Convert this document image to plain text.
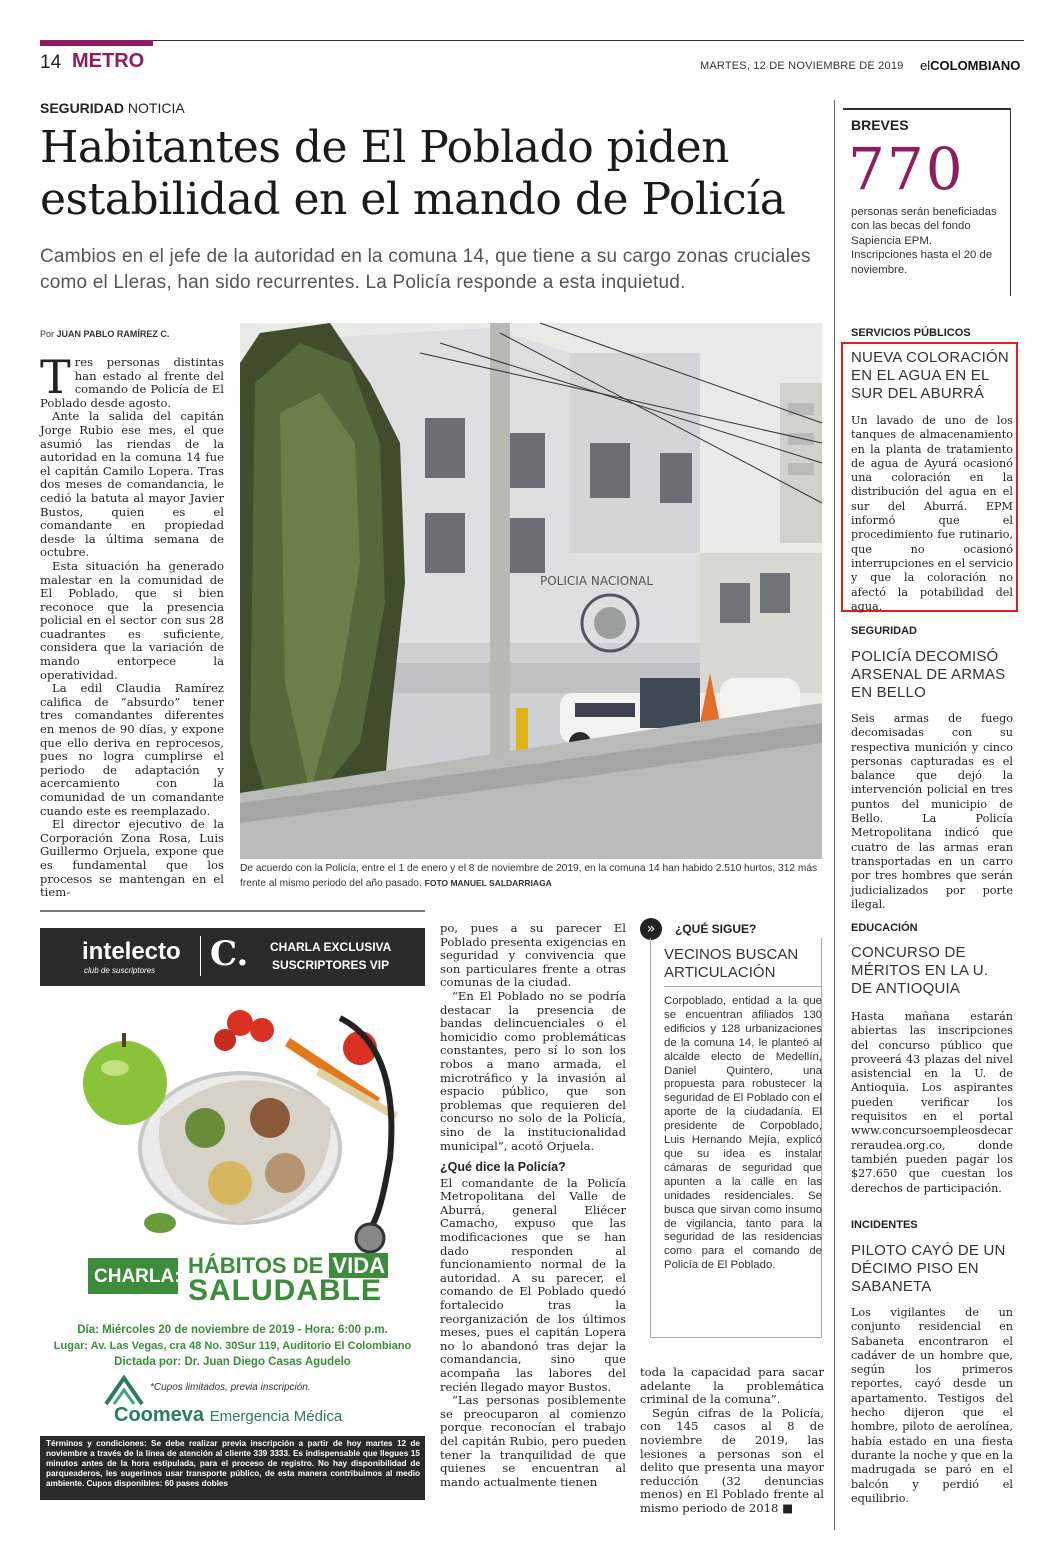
14 METRO	MARTES, 12 DE NOVIEMBRE DE 2019 elCOLOMBIANO
SEGURIDAD NOTICIA
Habitantes de El Poblado piden estabilidad en el mando de Policía
Cambios en el jefe de la autoridad en la comuna 14, que tiene a su cargo zonas cruciales como el Lleras, han sido recurrentes. La Policía responde a esta inquietud.
Por JUAN PABLO RAMÍREZ C.

Tres personas distintas han estado al frente del comando de Policía de El Poblado desde agosto.

Ante la salida del capitán Jorge Rubio ese mes, el que asumió las riendas de la autoridad en la comuna 14 fue el capitán Camilo Lopera. Tras dos meses de comandancia, le cedió la batuta al mayor Javier Bustos, quien es el comandante en propiedad desde la última semana de octubre.

Esta situación ha generado malestar en la comunidad de El Poblado, que si bien reconoce que la presencia policial en el sector con sus 28 cuadrantes es suficiente, considera que la variación de mando entorpece la operatividad.

La edil Claudia Ramírez califica de “absurdo” tener tres comandantes diferentes en menos de 90 días, y expone que ello deriva en reprocesos, pues no logra cumplirse el periodo de adaptación y acercamiento con la comunidad de un comandante cuando este es reemplazado.

El director ejecutivo de la Corporación Zona Rosa, Luis Guillermo Orjuela, expone que es fundamental que los procesos se mantengan en el tiem-

POLICIA NACIONAL
De acuerdo con la Policía, entre el 1 de enero y el 8 de noviembre de 2019, en la comuna 14 han habido 2.510 hurtos, 312 más frente al mismo periodo del año pasado. FOTO MANUEL SALDARRIAGA
intelecto
club de suscriptores C. CHARLA EXCLUSIVA
SUSCRIPTORES VIP
CHARLA: HÁBITOS DE VIDA
SALUDABLE
Día: Miércoles 20 de noviembre de 2019 - Hora: 6:00 p.m.
Lugar: Av. Las Vegas, cra 48 No. 30Sur 119, Auditorio El Colombiano
Dictada por: Dr. Juan Diego Casas Agudelo
*Cupos limitados, previa inscripción.
Coomeva Emergencia Médica
Términos y condiciones: Se debe realizar previa inscripción a partir de hoy martes 12 de noviembre a través de la línea de atención al cliente 339 3333. Es indispensable que llegues 15 minutos antes de la hora estipulada, para el proceso de registro. No hay disponibilidad de parqueaderos, les sugerimos usar transporte público, de esta manera contribuimos al medio ambiente. Cupos disponibles: 60 pases dobles

po, pues a su parecer El Poblado presenta exigencias en seguridad y convivencia que son particulares frente a otras comunas de la ciudad.

“En El Poblado no se podría destacar la presencia de bandas delincuenciales o el homicidio como problemáticas constantes, pero sí lo son los robos a mano armada, el microtráfico y la invasión al espacio público, que son problemas que requieren del concurso no solo de la Policía, sino de la institucionalidad municipal”, acotó Orjuela.

¿Qué dice la Policía?

El comandante de la Policía Metropolitana del Valle de Aburrá, general Eliécer Camacho, expuso que las modificaciones que se han dado responden al funcionamiento normal de la autoridad. A su parecer, el comando de El Poblado quedó fortalecido tras la reorganización de los últimos meses, pues el capitán Lopera no lo abandonó tras dejar la comandancia, sino que acompaña las labores del recién llegado mayor Bustos.

“Las personas posiblemente se preocuparon al comienzo porque reconocían el trabajo del capitán Rubio, pero pueden tener la tranquilidad de que quienes se encuentran al mando actualmente tienen

»	¿QUÉ SIGUE?
VECINOS BUSCAN ARTICULACIÓN
Corpoblado, entidad a la que se encuentran afiliados 130 edificios y 128 urbanizaciones de la comuna 14, le planteó al alcalde electo de Medellín, Daniel Quintero, una propuesta para robustecer la seguridad de El Poblado con el aporte de la ciudadanía. El presidente de Corpoblado, Luis Hernando Mejía, explicó que su idea es instalar cámaras de seguridad que apunten a la calle en las unidades residenciales. Se busca que sirvan como insumo de vigilancia, tanto para la seguridad de las residencias como para el comando de Policía de El Poblado.

toda la capacidad para sacar adelante la problemática criminal de la comuna”.

Según cifras de la Policía, con 145 casos al 8 de noviembre de 2019, las lesiones a personas son el delito que presenta una mayor reducción (32 denuncias menos) en El Poblado frente al mismo periodo de 2018 ■

BREVES
770
personas serán beneficiadas con las becas del fondo Sapiencia EPM. Inscripciones hasta el 20 de noviembre.
SERVICIOS PÚBLICOS
NUEVA COLORACIÓN EN EL AGUA EN EL SUR DEL ABURRÁ
Un lavado de uno de los tanques de almacenamiento en la planta de tratamiento de agua de Ayurá ocasionó una coloración en la distribución del agua en el sur del Aburrá. EPM informó que el procedimiento fue rutinario, que no ocasionó interrupciones en el servicio y que la coloración no afectó la potabilidad del agua.
SEGURIDAD
POLICÍA DECOMISÓ ARSENAL DE ARMAS EN BELLO
Seis armas de fuego decomisadas con su respectiva munición y cinco personas capturadas es el balance que dejó la intervención policial en tres puntos del municipio de Bello. La Policía Metropolitana indicó que cuatro de las armas eran transportadas en un carro por tres hombres que serán judicializados por porte ilegal.
EDUCACIÓN
CONCURSO DE MÉRITOS EN LA U. DE ANTIOQUIA
Hasta mañana estarán abiertas las inscripciones del concurso público que proveerá 43 plazas del nivel asistencial en la U. de Antioquia. Los aspirantes pueden verificar los requisitos en el portal www.concursoempleosdecarreraudea.org.co, donde también pueden pagar los $27.650 que cuestan los derechos de participación.
INCIDENTES
PILOTO CAYÓ DE UN DÉCIMO PISO EN SABANETA
Los vigilantes de un conjunto residencial en Sabaneta encontraron el cadáver de un hombre que, según los primeros reportes, cayó desde un apartamento. Testigos del hecho dijeron que el hombre, piloto de aerolínea, había estado en una fiesta durante la noche y que en la madrugada se paró en el balcón y perdió el equilibrio.
